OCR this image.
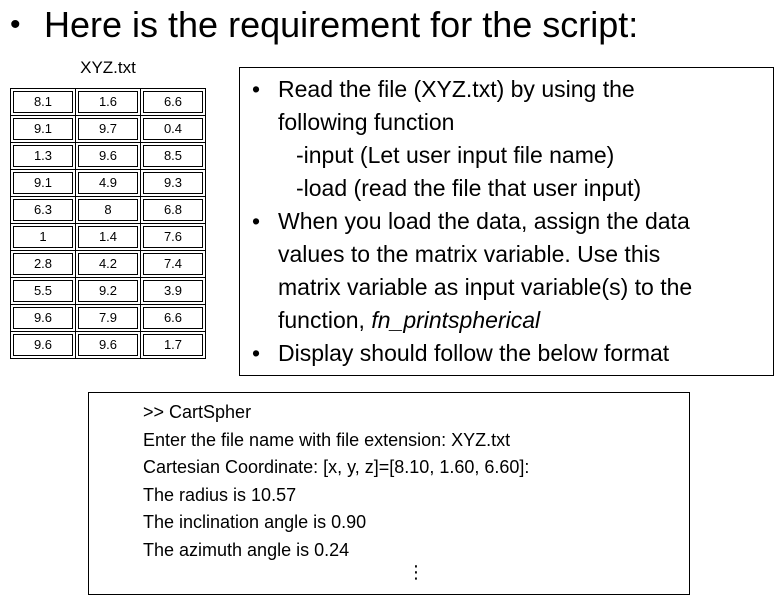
• Here is the requirement for the script:
XYZ.txt
8.1	1.6	6.6

9.1	9.7	0.4

1.3	9.6	8.5

9.1	4.9	9.3

6.3	8	6.8

1	1.4	7.6

2.8	4.2	7.4

5.5	9.2	3.9

9.6	7.9	6.6

9.6	9.6	1.7
• Read the file (XYZ.txt) by using the
following function

-input (Let user input file name)
-load (read the file that user input)
• When you load the data, assign the data
values to the matrix variable. Use this
matrix variable as input variable(s) to the
function, fn_printspherical
• Display should follow the below format
>> CartSpher
Enter the file name with file extension: XYZ.txt
Cartesian Coordinate: [x, y, z]=[8.10, 1.60, 6.60]:
The radius is 10.57
The inclination angle is 0.90
The azimuth angle is 0.24
⋮
